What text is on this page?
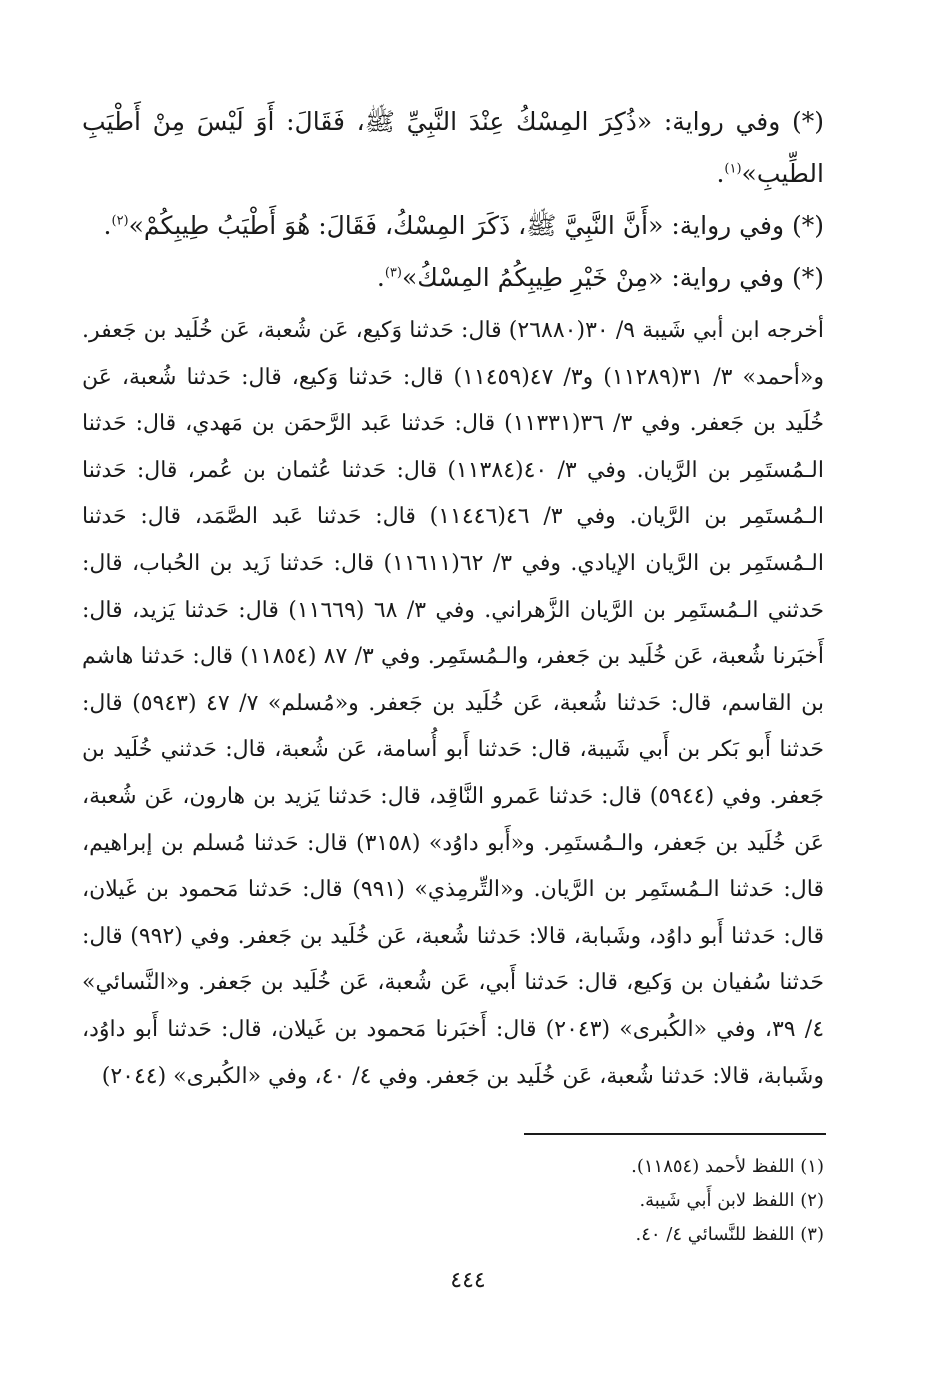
(*) وفي رواية: «ذُكِرَ المِسْكُ عِنْدَ النَّبِيِّ ﷺ، فَقَالَ: أَوَ لَيْسَ مِنْ أَطْيَبِ الطِّيبِ»$^{(١)}$.

(*) وفي رواية: «أَنَّ النَّبِيَّ ﷺ، ذَكَرَ المِسْكُ، فَقَالَ: هُوَ أَطْيَبُ طِيبِكُمْ»$^{(٢)}$.

(*) وفي رواية: «مِنْ خَيْرِ طِيبِكُمُ المِسْكُ»$^{(٣)}$.

أخرجه ابن أبي شَيبة ٩/ ٣٠(٢٦٨٨٠) قال: حَدثنا وَكيع، عَن شُعبة، عَن خُلَيد بن جَعفر. و«أحمد» ٣/ ٣١(١١٢٨٩) و٣/ ٤٧(١١٤٥٩) قال: حَدثنا وَكيع، قال: حَدثنا شُعبة، عَن خُلَيد بن جَعفر. وفي ٣/ ٣٦(١١٣٣١) قال: حَدثنا عَبد الرَّحمَن بن مَهدي، قال: حَدثنا الـمُستَمِر بن الرَّيان. وفي ٣/ ٤٠(١١٣٨٤) قال: حَدثنا عُثمان بن عُمر، قال: حَدثنا الـمُستَمِر بن الرَّيان. وفي ٣/ ٤٦(١١٤٤٦) قال: حَدثنا عَبد الصَّمَد، قال: حَدثنا الـمُستَمِر بن الرَّيان الإيادي. وفي ٣/ ٦٢(١١٦١١) قال: حَدثنا زَيد بن الحُباب، قال: حَدثني الـمُستَمِر بن الرَّيان الزَّهراني. وفي ٣/ ٦٨ (١١٦٦٩) قال: حَدثنا يَزيد، قال: أَخبَرنا شُعبة، عَن خُلَيد بن جَعفر، والـمُستَمِر. وفي ٣/ ٨٧ (١١٨٥٤) قال: حَدثنا هاشم بن القاسم، قال: حَدثنا شُعبة، عَن خُلَيد بن جَعفر. و«مُسلم» ٧/ ٤٧ (٥٩٤٣) قال: حَدثنا أَبو بَكر بن أَبي شَيبة، قال: حَدثنا أَبو أُسامة، عَن شُعبة، قال: حَدثني خُلَيد بن جَعفر. وفي (٥٩٤٤) قال: حَدثنا عَمرو النَّاقِد، قال: حَدثنا يَزيد بن هارون، عَن شُعبة، عَن خُلَيد بن جَعفر، والـمُستَمِر. و«أَبو داوُد» (٣١٥٨) قال: حَدثنا مُسلم بن إبراهيم، قال: حَدثنا الـمُستَمِر بن الرَّيان. و«التِّرمِذي» (٩٩١) قال: حَدثنا مَحمود بن غَيلان، قال: حَدثنا أَبو داوُد، وشَبابة، قالا: حَدثنا شُعبة، عَن خُلَيد بن جَعفر. وفي (٩٩٢) قال: حَدثنا سُفيان بن وَكيع، قال: حَدثنا أَبي، عَن شُعبة، عَن خُلَيد بن جَعفر. و«النَّسائي» ٤/ ٣٩، وفي «الكُبرى» (٢٠٤٣) قال: أَخبَرنا مَحمود بن غَيلان، قال: حَدثنا أَبو داوُد، وشَبابة، قالا: حَدثنا شُعبة، عَن خُلَيد بن جَعفر. وفي ٤/ ٤٠، وفي «الكُبرى» (٢٠٤٤)

(١) اللفظ لأحمد (١١٨٥٤).
(٢) اللفظ لابن أَبي شَيبة.
(٣) اللفظ للنَّسائي ٤/ ٤٠.
٤٤٤
